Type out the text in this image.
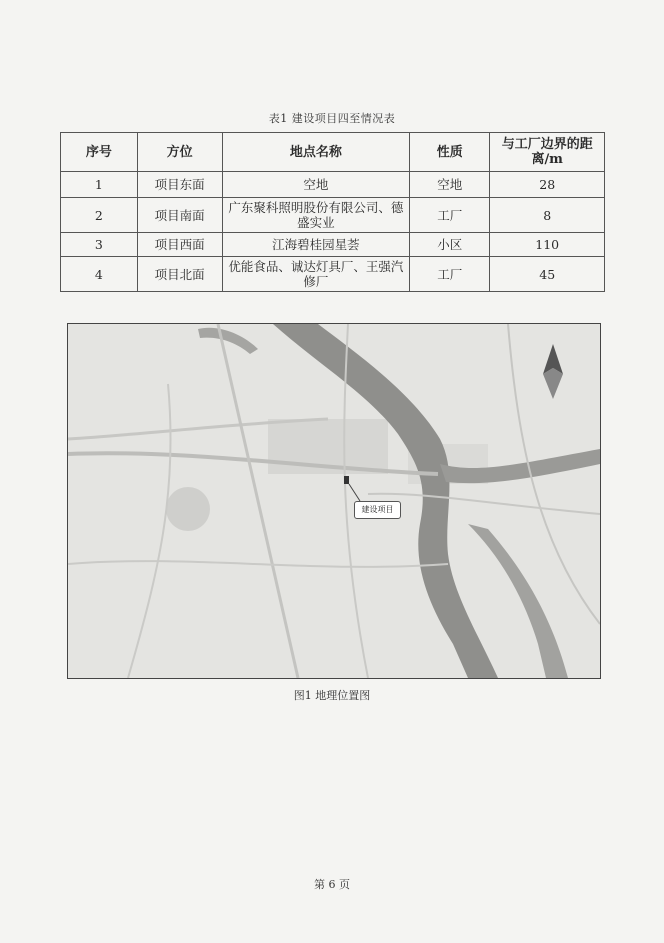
表1 建设项目四至情况表
序号	方位	地点名称	性质	与工厂边界的距离/m
1	项目东面	空地	空地	28
2	项目南面	广东聚科照明股份有限公司、德盛实业	工厂	8
3	项目西面	江海碧桂园星荟	小区	110
4	项目北面	优能食品、诚达灯具厂、王强汽修厂	工厂	45
建设项目
图1 地理位置图
第 6 页
